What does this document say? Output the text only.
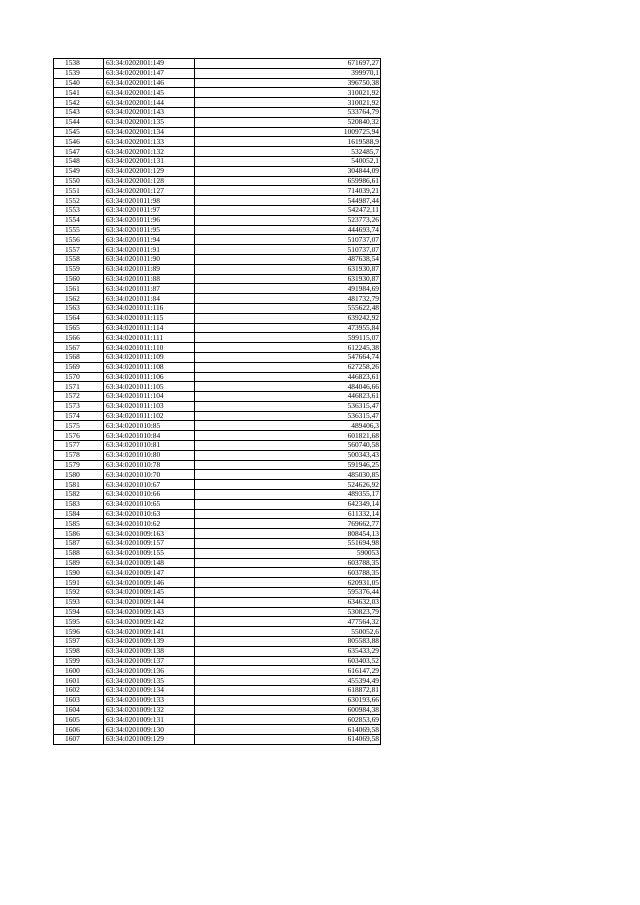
1538	63:34:0202001:149	671697,27
1539	63:34:0202001:147	399970,1
1540	63:34:0202001:146	396750,38
1541	63:34:0202001:145	310021,92
1542	63:34:0202001:144	310021,92
1543	63:34:0202001:143	533764,79
1544	63:34:0202001:135	520840,32
1545	63:34:0202001:134	1009725,94
1546	63:34:0202001:133	1619588,9
1547	63:34:0202001:132	532485,7
1548	63:34:0202001:131	540052,1
1549	63:34:0202001:129	304844,09
1550	63:34:0202001:128	659986,61
1551	63:34:0202001:127	714039,21
1552	63:34:0201011:98	544987,44
1553	63:34:0201011:97	542472,11
1554	63:34:0201011:96	523773,26
1555	63:34:0201011:95	444693,74
1556	63:34:0201011:94	510737,07
1557	63:34:0201011:91	510737,07
1558	63:34:0201011:90	487638,54
1559	63:34:0201011:89	631930,87
1560	63:34:0201011:88	631930,87
1561	63:34:0201011:87	491984,69
1562	63:34:0201011:84	481732,79
1563	63:34:0201011:116	555622,48
1564	63:34:0201011:115	639242,92
1565	63:34:0201011:114	473955,84
1566	63:34:0201011:111	599115,07
1567	63:34:0201011:110	612245,38
1568	63:34:0201011:109	547664,74
1569	63:34:0201011:108	627258,26
1570	63:34:0201011:106	446823,61
1571	63:34:0201011:105	484046,66
1572	63:34:0201011:104	446823,61
1573	63:34:0201011:103	536315,47
1574	63:34:0201011:102	536315,47
1575	63:34:0201010:85	489406,3
1576	63:34:0201010:84	601821,68
1577	63:34:0201010:81	560740,58
1578	63:34:0201010:80	500343,43
1579	63:34:0201010:78	591946,25
1580	63:34:0201010:70	485030,85
1581	63:34:0201010:67	524626,92
1582	63:34:0201010:66	489355,17
1583	63:34:0201010:65	642349,14
1584	63:34:0201010:63	611332,14
1585	63:34:0201010:62	769662,77
1586	63:34:0201009:163	808454,13
1587	63:34:0201009:157	551694,98
1588	63:34:0201009:155	590053
1589	63:34:0201009:148	603788,35
1590	63:34:0201009:147	603788,35
1591	63:34:0201009:146	620931,05
1592	63:34:0201009:145	595376,44
1593	63:34:0201009:144	634632,03
1594	63:34:0201009:143	530823,79
1595	63:34:0201009:142	477564,32
1596	63:34:0201009:141	550052,6
1597	63:34:0201009:139	805583,88
1598	63:34:0201009:138	635433,29
1599	63:34:0201009:137	603403,52
1600	63:34:0201009:136	616147,29
1601	63:34:0201009:135	455394,49
1602	63:34:0201009:134	618872,81
1603	63:34:0201009:133	630193,66
1604	63:34:0201009:132	600984,38
1605	63:34:0201009:131	602853,69
1606	63:34:0201009:130	614069,58
1607	63:34:0201009:129	614069,58
